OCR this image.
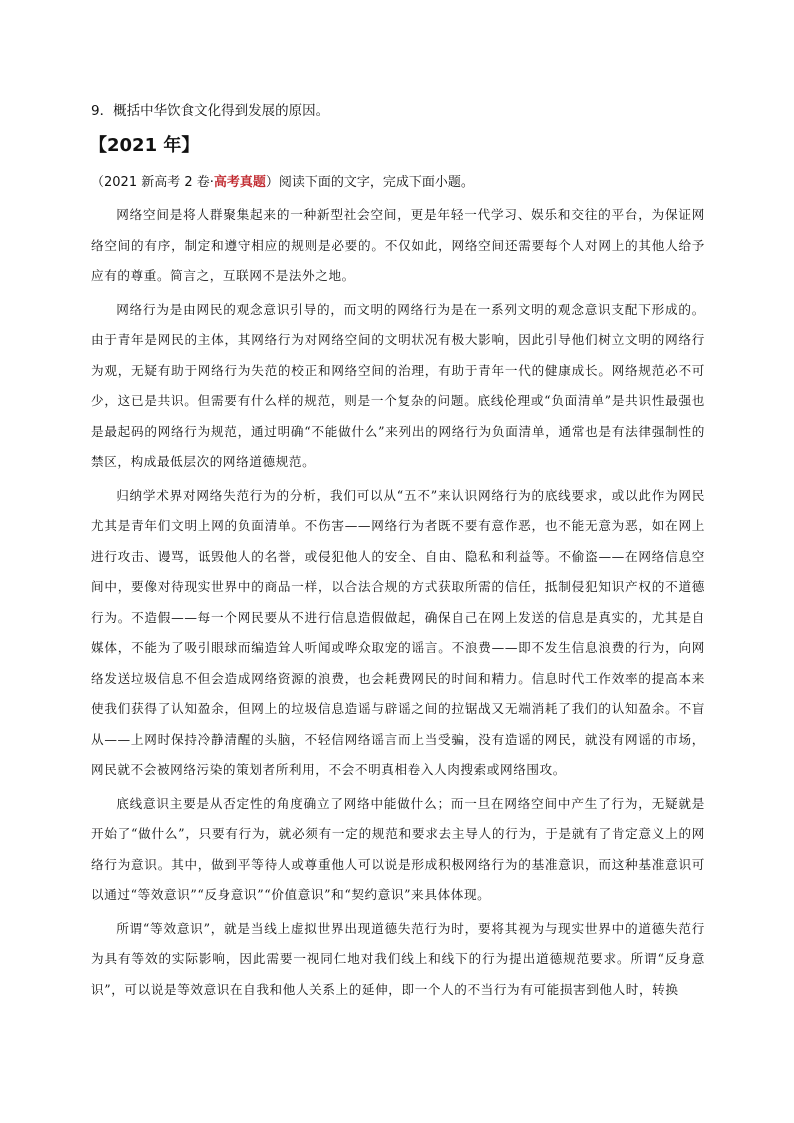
9．概括中华饮食文化得到发展的原因。

【2021 年】

（2021 新高考 2 卷·高考真题）阅读下面的文字，完成下面小题。

网络空间是将人群聚集起来的一种新型社会空间，更是年轻一代学习、娱乐和交往的平台，为保证网络空间的有序，制定和遵守相应的规则是必要的。不仅如此，网络空间还需要每个人对网上的其他人给予应有的尊重。简言之，互联网不是法外之地。

网络行为是由网民的观念意识引导的，而文明的网络行为是在一系列文明的观念意识支配下形成的。由于青年是网民的主体，其网络行为对网络空间的文明状况有极大影响，因此引导他们树立文明的网络行为观，无疑有助于网络行为失范的校正和网络空间的治理，有助于青年一代的健康成长。网络规范必不可少，这已是共识。但需要有什么样的规范，则是一个复杂的问题。底线伦理或“负面清单”是共识性最强也是最起码的网络行为规范，通过明确“不能做什么”来列出的网络行为负面清单，通常也是有法律强制性的禁区，构成最低层次的网络道德规范。

归纳学术界对网络失范行为的分析，我们可以从“五不”来认识网络行为的底线要求，或以此作为网民尤其是青年们文明上网的负面清单。不伤害——网络行为者既不要有意作恶，也不能无意为恶，如在网上进行攻击、谩骂，诋毁他人的名誉，或侵犯他人的安全、自由、隐私和利益等。不偷盗——在网络信息空间中，要像对待现实世界中的商品一样，以合法合规的方式获取所需的信任，抵制侵犯知识产权的不道德行为。不造假——每一个网民要从不进行信息造假做起，确保自己在网上发送的信息是真实的，尤其是自媒体，不能为了吸引眼球而编造耸人听闻或哗众取宠的谣言。不浪费——即不发生信息浪费的行为，向网络发送垃圾信息不但会造成网络资源的浪费，也会耗费网民的时间和精力。信息时代工作效率的提高本来使我们获得了认知盈余，但网上的垃圾信息造谣与辟谣之间的拉锯战又无端消耗了我们的认知盈余。不盲从——上网时保持冷静清醒的头脑，不轻信网络谣言而上当受骗，没有造谣的网民，就没有网谣的市场，网民就不会被网络污染的策划者所利用，不会不明真相卷入人肉搜索或网络围攻。

底线意识主要是从否定性的角度确立了网络中能做什么；而一旦在网络空间中产生了行为，无疑就是开始了“做什么”，只要有行为，就必须有一定的规范和要求去主导人的行为，于是就有了肯定意义上的网络行为意识。其中，做到平等待人或尊重他人可以说是形成积极网络行为的基准意识，而这种基准意识可以通过“等效意识”“反身意识”“价值意识”和“契约意识”来具体体现。

所谓“等效意识”，就是当线上虚拟世界出现道德失范行为时，要将其视为与现实世界中的道德失范行为具有等效的实际影响，因此需要一视同仁地对我们线上和线下的行为提出道德规范要求。所谓“反身意识”，可以说是等效意识在自我和他人关系上的延伸，即一个人的不当行为有可能损害到他人时，转换
